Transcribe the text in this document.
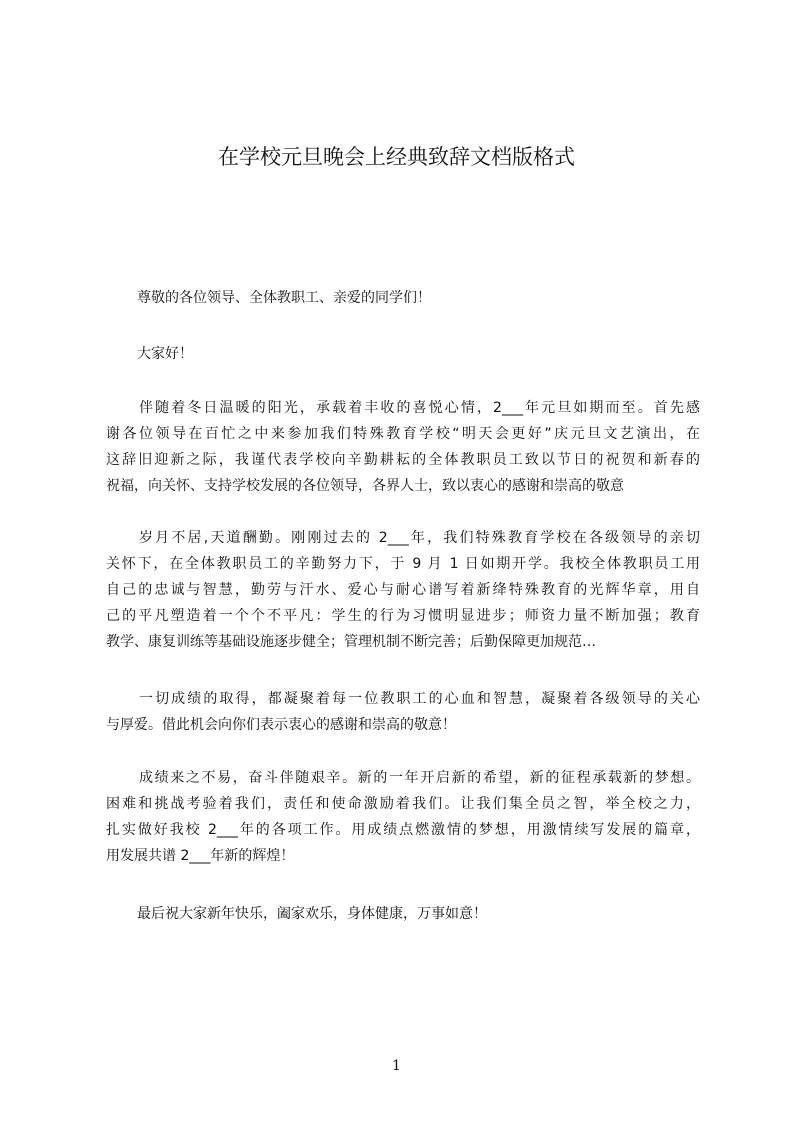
在学校元旦晚会上经典致辞文档版格式

尊敬的各位领导、全体教职工、亲爱的同学们！

大家好！

伴随着冬日温暖的阳光，承载着丰收的喜悦心情，2___年元旦如期而至。首先感
谢各位领导在百忙之中来参加我们特殊教育学校“明天会更好”庆元旦文艺演出，在
这辞旧迎新之际，我谨代表学校向辛勤耕耘的全体教职员工致以节日的祝贺和新春的
祝福，向关怀、支持学校发展的各位领导，各界人士，致以衷心的感谢和崇高的敬意
岁月不居,天道酬勤。刚刚过去的 2___年，我们特殊教育学校在各级领导的亲切
关怀下，在全体教职员工的辛勤努力下，于 9 月 1 日如期开学。我校全体教职员工用
自己的忠诚与智慧，勤劳与汗水、爱心与耐心谱写着新绛特殊教育的光辉华章，用自
己的平凡塑造着一个个不平凡：学生的行为习惯明显进步；师资力量不断加强；教育
教学、康复训练等基础设施逐步健全；管理机制不断完善；后勤保障更加规范…
一切成绩的取得，都凝聚着每一位教职工的心血和智慧，凝聚着各级领导的关心
与厚爱。借此机会向你们表示衷心的感谢和崇高的敬意！
成绩来之不易，奋斗伴随艰辛。新的一年开启新的希望，新的征程承载新的梦想。
困难和挑战考验着我们，责任和使命激励着我们。让我们集全员之智，举全校之力，
扎实做好我校 2___年的各项工作。用成绩点燃激情的梦想，用激情续写发展的篇章，
用发展共谱 2___年新的辉煌！

最后祝大家新年快乐，阖家欢乐，身体健康，万事如意！

1
